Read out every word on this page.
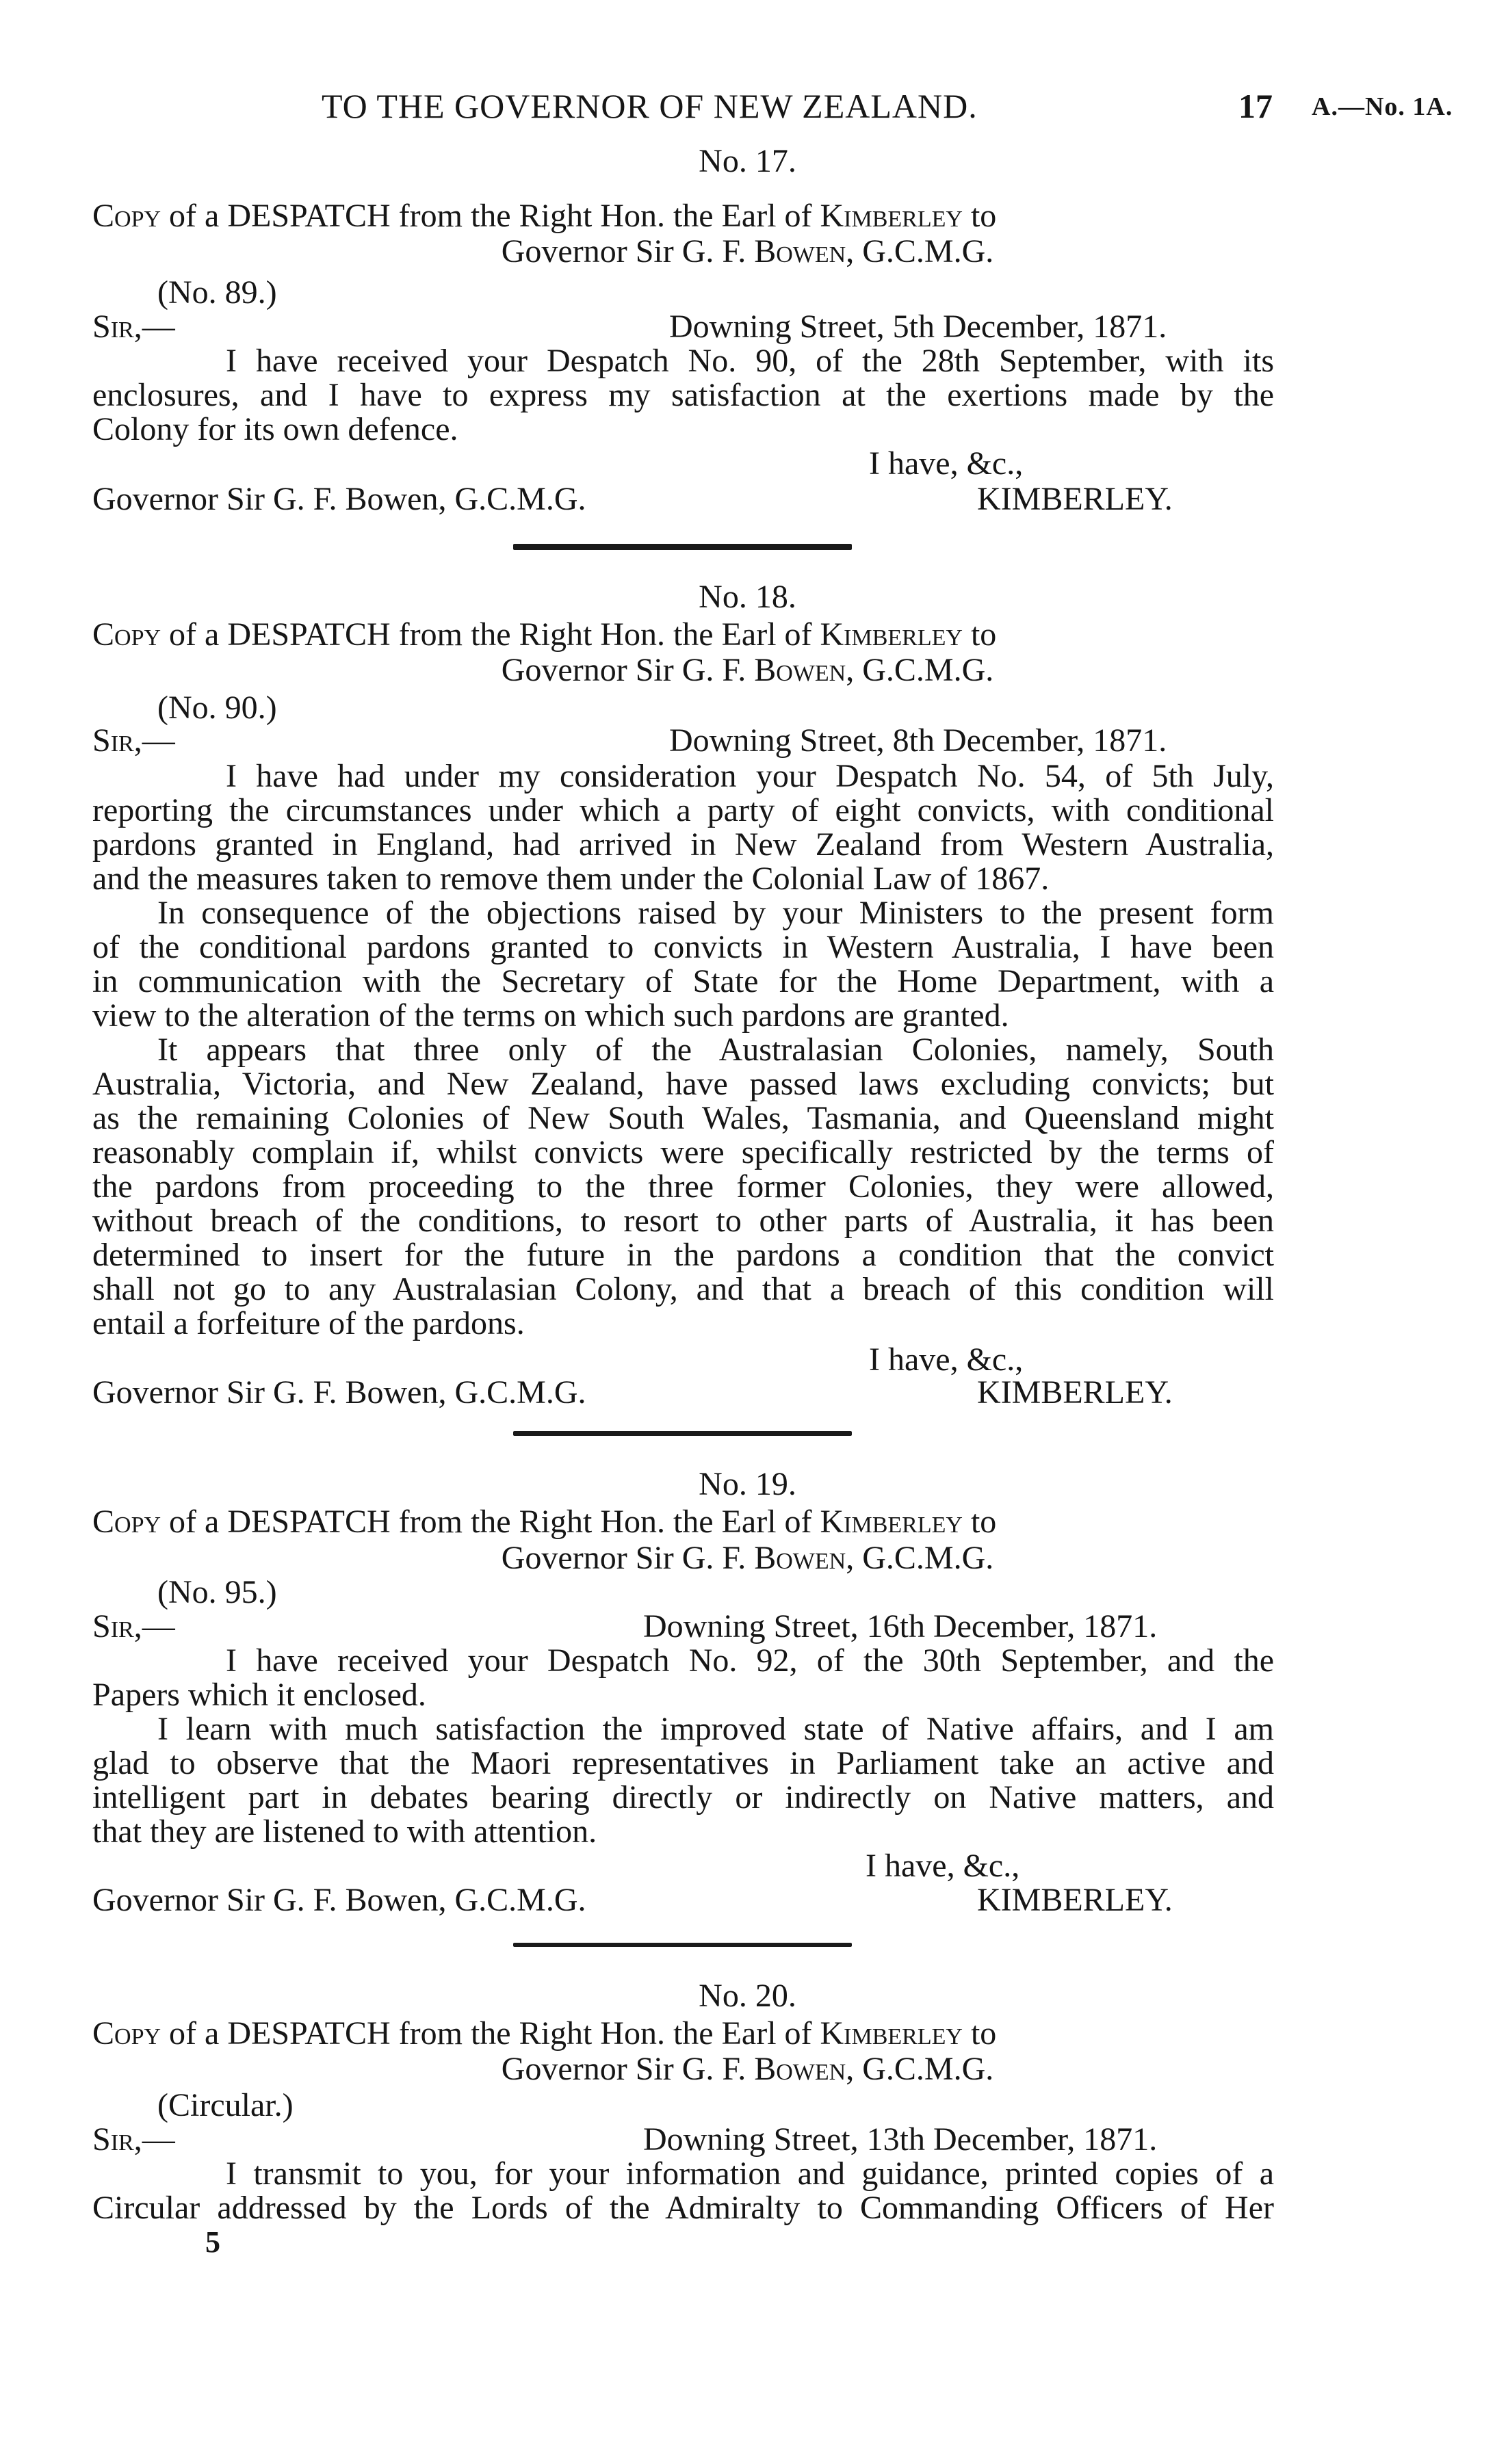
TO THE GOVERNOR OF NEW ZEALAND.	17 A.—No. 1A.
No. 17.
Copy of a DESPATCH from the Right Hon. the Earl of Kimberley to
Governor Sir G. F. Bowen, G.C.M.G.
(No. 89.)
Sir,—	Downing Street, 5th December, 1871.
I have received your Despatch No. 90, of the 28th September, with its
enclosures, and I have to express my satisfaction at the exertions made by the
Colony for its own defence.
I have, &c.,
Governor Sir G. F. Bowen, G.C.M.G.	KIMBERLEY.
No. 18.
Copy of a DESPATCH from the Right Hon. the Earl of Kimberley to
Governor Sir G. F. Bowen, G.C.M.G.
(No. 90.)
Sir,—	Downing Street, 8th December, 1871.
I have had under my consideration your Despatch No. 54, of 5th July,
reporting the circumstances under which a party of eight convicts, with conditional
pardons granted in England, had arrived in New Zealand from Western Australia,
and the measures taken to remove them under the Colonial Law of 1867.
In consequence of the objections raised by your Ministers to the present form
of the conditional pardons granted to convicts in Western Australia, I have been
in communication with the Secretary of State for the Home Department, with a
view to the alteration of the terms on which such pardons are granted.
It appears that three only of the Australasian Colonies, namely, South
Australia, Victoria, and New Zealand, have passed laws excluding convicts; but
as the remaining Colonies of New South Wales, Tasmania, and Queensland might
reasonably complain if, whilst convicts were specifically restricted by the terms of
the pardons from proceeding to the three former Colonies, they were allowed,
without breach of the conditions, to resort to other parts of Australia, it has been
determined to insert for the future in the pardons a condition that the convict
shall not go to any Australasian Colony, and that a breach of this condition will
entail a forfeiture of the pardons.
I have, &c.,
Governor Sir G. F. Bowen, G.C.M.G.	KIMBERLEY.
No. 19.
Copy of a DESPATCH from the Right Hon. the Earl of Kimberley to
Governor Sir G. F. Bowen, G.C.M.G.
(No. 95.)
Sir,—	Downing Street, 16th December, 1871.
I have received your Despatch No. 92, of the 30th September, and the
Papers which it enclosed.
I learn with much satisfaction the improved state of Native affairs, and I am
glad to observe that the Maori representatives in Parliament take an active and
intelligent part in debates bearing directly or indirectly on Native matters, and
that they are listened to with attention.
I have, &c.,
Governor Sir G. F. Bowen, G.C.M.G.	KIMBERLEY.
No. 20.
Copy of a DESPATCH from the Right Hon. the Earl of Kimberley to
Governor Sir G. F. Bowen, G.C.M.G.
(Circular.)
Sir,—	Downing Street, 13th December, 1871.
I transmit to you, for your information and guidance, printed copies of a
Circular addressed by the Lords of the Admiralty to Commanding Officers of Her
5
